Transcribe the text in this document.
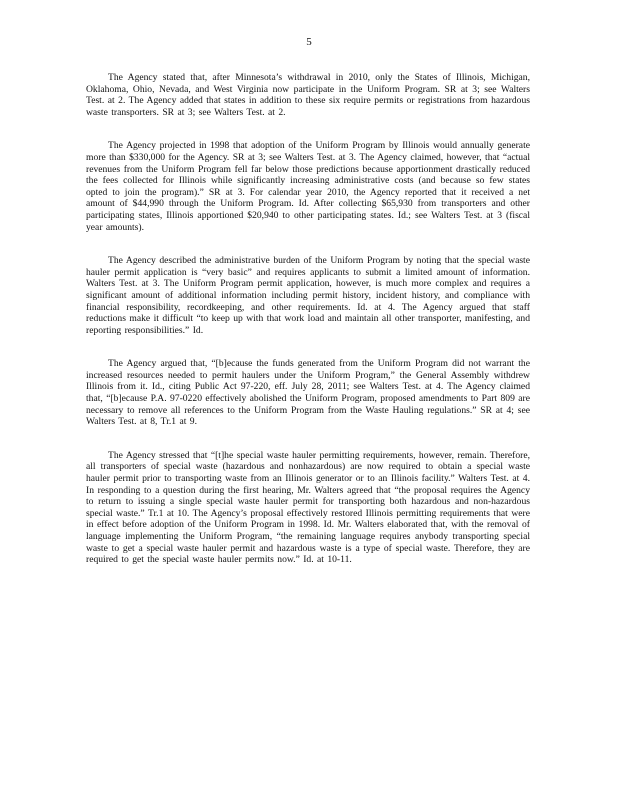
5

The Agency stated that, after Minnesota’s withdrawal in 2010, only the States of Illinois, Michigan, Oklahoma, Ohio, Nevada, and West Virginia now participate in the Uniform Program. SR at 3; see Walters Test. at 2. The Agency added that states in addition to these six require permits or registrations from hazardous waste transporters. SR at 3; see Walters Test. at 2.

The Agency projected in 1998 that adoption of the Uniform Program by Illinois would annually generate more than $330,000 for the Agency. SR at 3; see Walters Test. at 3. The Agency claimed, however, that “actual revenues from the Uniform Program fell far below those predictions because apportionment drastically reduced the fees collected for Illinois while significantly increasing administrative costs (and because so few states opted to join the program).” SR at 3. For calendar year 2010, the Agency reported that it received a net amount of $44,990 through the Uniform Program. Id. After collecting $65,930 from transporters and other participating states, Illinois apportioned $20,940 to other participating states. Id.; see Walters Test. at 3 (fiscal year amounts).

The Agency described the administrative burden of the Uniform Program by noting that the special waste hauler permit application is “very basic” and requires applicants to submit a limited amount of information. Walters Test. at 3. The Uniform Program permit application, however, is much more complex and requires a significant amount of additional information including permit history, incident history, and compliance with financial responsibility, recordkeeping, and other requirements. Id. at 4. The Agency argued that staff reductions make it difficult “to keep up with that work load and maintain all other transporter, manifesting, and reporting responsibilities.” Id.

The Agency argued that, “[b]ecause the funds generated from the Uniform Program did not warrant the increased resources needed to permit haulers under the Uniform Program,” the General Assembly withdrew Illinois from it. Id., citing Public Act 97-220, eff. July 28, 2011; see Walters Test. at 4. The Agency claimed that, “[b]ecause P.A. 97-0220 effectively abolished the Uniform Program, proposed amendments to Part 809 are necessary to remove all references to the Uniform Program from the Waste Hauling regulations.” SR at 4; see Walters Test. at 8, Tr.1 at 9.

The Agency stressed that “[t]he special waste hauler permitting requirements, however, remain. Therefore, all transporters of special waste (hazardous and nonhazardous) are now required to obtain a special waste hauler permit prior to transporting waste from an Illinois generator or to an Illinois facility.” Walters Test. at 4. In responding to a question during the first hearing, Mr. Walters agreed that “the proposal requires the Agency to return to issuing a single special waste hauler permit for transporting both hazardous and non-hazardous special waste.” Tr.1 at 10. The Agency’s proposal effectively restored Illinois permitting requirements that were in effect before adoption of the Uniform Program in 1998. Id. Mr. Walters elaborated that, with the removal of language implementing the Uniform Program, “the remaining language requires anybody transporting special waste to get a special waste hauler permit and hazardous waste is a type of special waste. Therefore, they are required to get the special waste hauler permits now.” Id. at 10-11.
